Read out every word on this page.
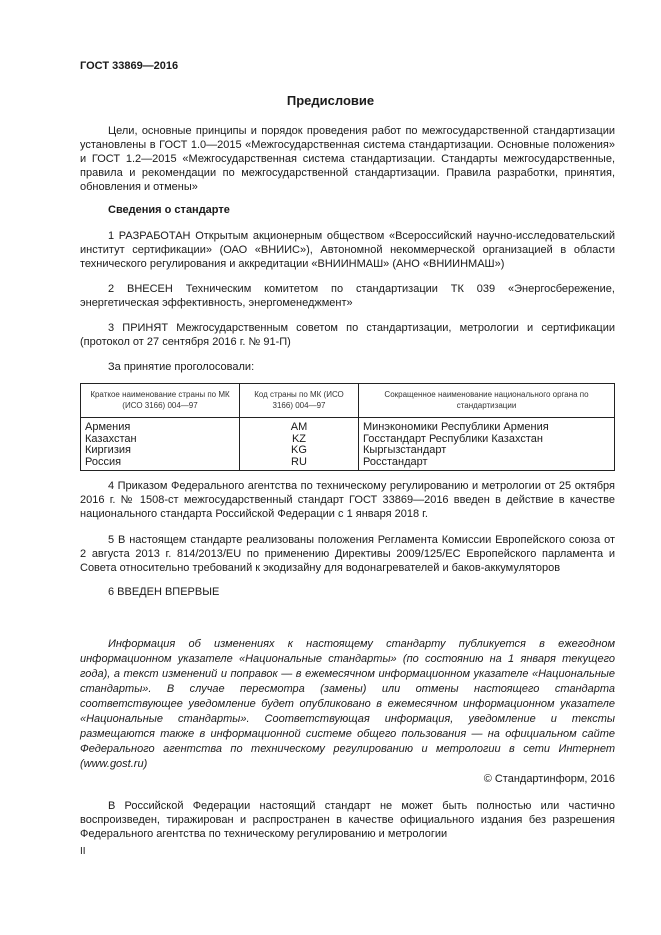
ГОСТ 33869—2016
Предисловие
Цели, основные принципы и порядок проведения работ по межгосударственной стандартизации установлены в ГОСТ 1.0—2015 «Межгосударственная система стандартизации. Основные положения» и ГОСТ 1.2—2015 «Межгосударственная система стандартизации. Стандарты межгосударственные, правила и рекомендации по межгосударственной стандартизации. Правила разработки, принятия, обновления и отмены»
Сведения о стандарте
1 РАЗРАБОТАН Открытым акционерным обществом «Всероссийский научно-исследовательский институт сертификации» (ОАО «ВНИИС»), Автономной некоммерческой организацией в области технического регулирования и аккредитации «ВНИИНМАШ» (АНО «ВНИИНМАШ»)
2 ВНЕСЕН Техническим комитетом по стандартизации ТК 039 «Энергосбережение, энергетическая эффективность, энергоменеджмент»
3 ПРИНЯТ Межгосударственным советом по стандартизации, метрологии и сертификации (протокол от 27 сентября 2016 г. № 91-П)
За принятие проголосовали:
Краткое наименование страны по МК (ИСО 3166) 004—97	Код страны по МК (ИСО 3166) 004—97	Сокращенное наименование национального органа по стандартизации
Армения	AM	Минэкономики Республики Армения
Казахстан	KZ	Госстандарт Республики Казахстан
Киргизия	KG	Кыргызстандарт
Россия	RU	Росстандарт
4 Приказом Федерального агентства по техническому регулированию и метрологии от 25 октября 2016 г. № 1508-ст межгосударственный стандарт ГОСТ 33869—2016 введен в действие в качестве национального стандарта Российской Федерации с 1 января 2018 г.
5 В настоящем стандарте реализованы положения Регламента Комиссии Европейского союза от 2 августа 2013 г. 814/2013/EU по применению Директивы 2009/125/ЕС Европейского парламента и Совета относительно требований к экодизайну для водонагревателей и баков-аккумуляторов
6 ВВЕДЕН ВПЕРВЫЕ
Информация об изменениях к настоящему стандарту публикуется в ежегодном информационном указателе «Национальные стандарты» (по состоянию на 1 января текущего года), а текст изменений и поправок — в ежемесячном информационном указателе «Национальные стандарты». В случае пересмотра (замены) или отмены настоящего стандарта соответствующее уведомление будет опубликовано в ежемесячном информационном указателе «Национальные стандарты». Соответствующая информация, уведомление и тексты размещаются также в информационной системе общего пользования — на официальном сайте Федерального агентства по техническому регулированию и метрологии в сети Интернет (www.gost.ru)
© Стандартинформ, 2016
В Российской Федерации настоящий стандарт не может быть полностью или частично воспроизведен, тиражирован и распространен в качестве официального издания без разрешения Федерального агентства по техническому регулированию и метрологии
II
